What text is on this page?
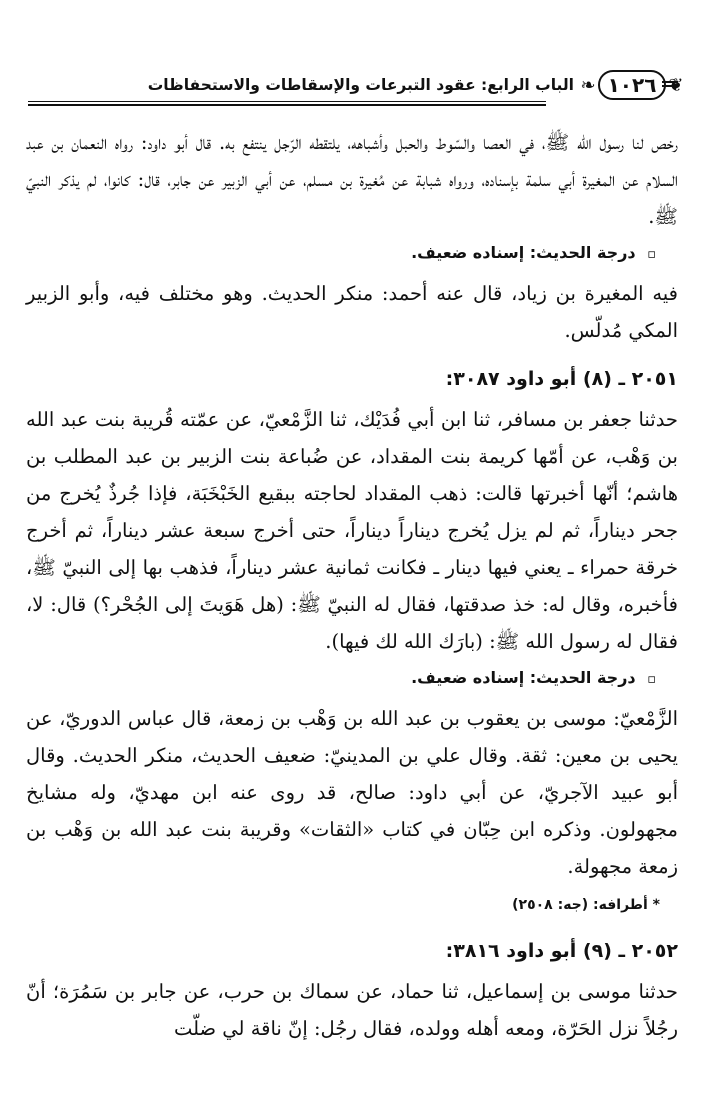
❦
١٠٢٦
❧
الباب الرابع: عقود التبرعات والإسقاطات والاستحفاظات

رخص لنا رسول الله ﷺ، في العصا والسّوط والحبل وأشباهه، يلتقطه الرّجل ينتفع به. قال أبو داود: رواه النعمان بن عبد السلام عن المغيرة أبي سلمة بإسناده، ورواه شبابة عن مُغيرة بن مسلم، عن أبي الزبير عن جابر، قال: كانوا، لم يذكر النبيّ ﷺ.

▫ درجة الحديث: إسناده ضعيف.

فيه المغيرة بن زياد، قال عنه أحمد: منكر الحديث. وهو مختلف فيه، وأبو الزبير المكي مُدلّس.

٢٠٥١ ـ (٨) أبو داود ٣٠٨٧:

حدثنا جعفر بن مسافر، ثنا ابن أبي فُدَيْك، ثنا الزَّمْعيّ، عن عمّته قُريبة بنت عبد الله بن وَهْب، عن أمّها كريمة بنت المقداد، عن ضُباعة بنت الزبير بن عبد المطلب بن هاشم؛ أنّها أخبرتها قالت: ذهب المقداد لحاجته ببقيع الخَبْخَبَة، فإذا جُرذٌ يُخرج من جحر ديناراً، ثم لم يزل يُخرج ديناراً ديناراً، حتى أخرج سبعة عشر ديناراً، ثم أخرج خرقة حمراء ـ يعني فيها دينار ـ فكانت ثمانية عشر ديناراً، فذهب بها إلى النبيّ ﷺ، فأخبره، وقال له: خذ صدقتها، فقال له النبيّ ﷺ: (هل هَوَيتَ إلى الجُحْر؟) قال: لا، فقال له رسول الله ﷺ: (بارَك الله لك فيها).

▫ درجة الحديث: إسناده ضعيف.

الزَّمْعيّ: موسى بن يعقوب بن عبد الله بن وَهْب بن زمعة، قال عباس الدوريّ، عن يحيى بن معين: ثقة. وقال علي بن المدينيّ: ضعيف الحديث، منكر الحديث. وقال أبو عبيد الآجريّ، عن أبي داود: صالح، قد روى عنه ابن مهديّ، وله مشايخ مجهولون. وذكره ابن حِبّان في كتاب «الثقات» وقريبة بنت عبد الله بن وَهْب بن زمعة مجهولة.

* أطرافه: (جه: ٢٥٠٨)
٢٠٥٢ ـ (٩) أبو داود ٣٨١٦:

حدثنا موسى بن إسماعيل، ثنا حماد، عن سماك بن حرب، عن جابر بن سَمُرَة؛ أنّ رجُلاً نزل الحَرّة، ومعه أهله وولده، فقال رجُل: إنّ ناقة لي ضلّت
